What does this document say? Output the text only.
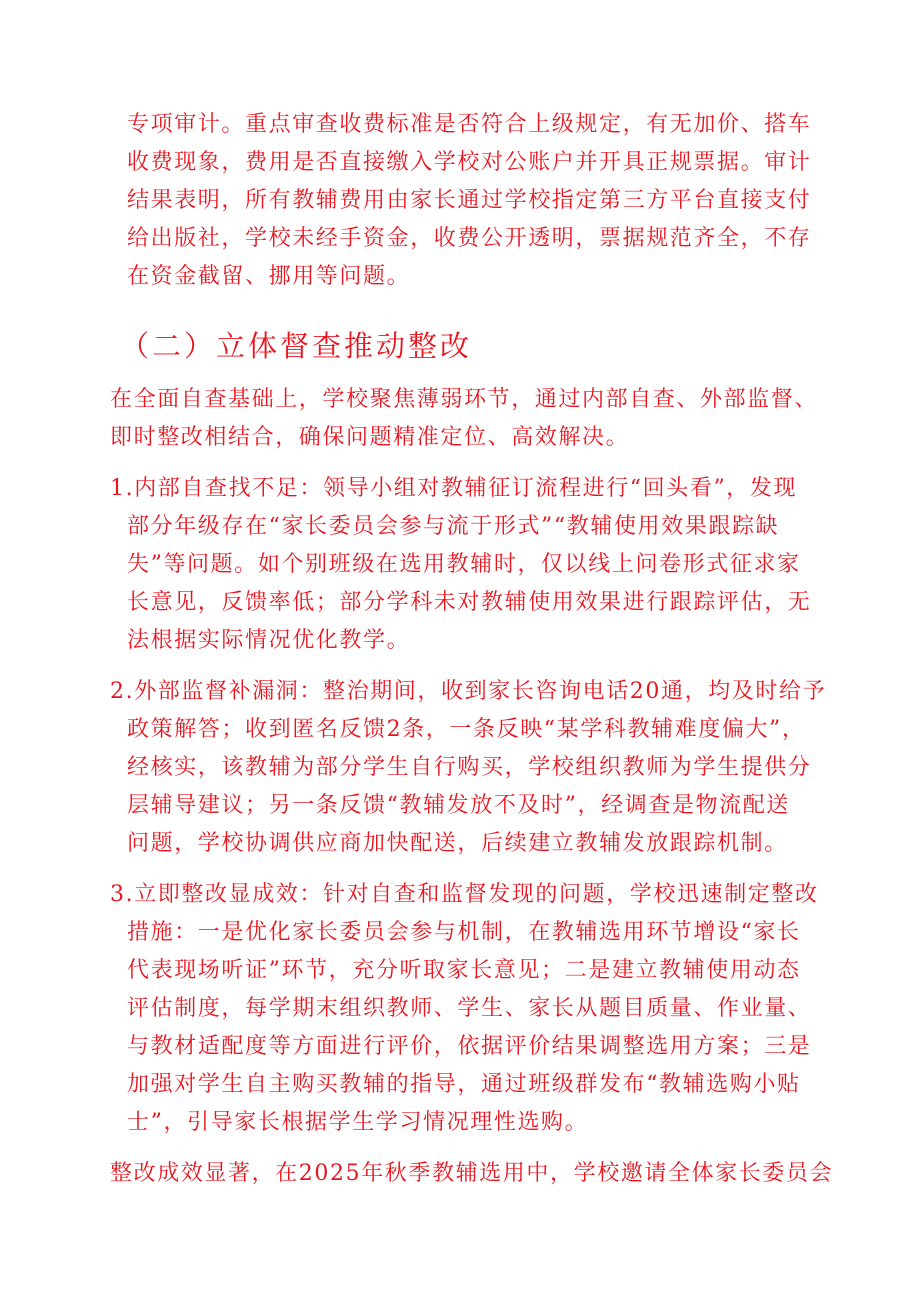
专项审计。重点审查收费标准是否符合上级规定，有无加价、搭车
收费现象，费用是否直接缴入学校对公账户并开具正规票据。审计
结果表明，所有教辅费用由家长通过学校指定第三方平台直接支付
给出版社，学校未经手资金，收费公开透明，票据规范齐全，不存
在资金截留、挪用等问题。
（二）立体督查推动整改
在全面自查基础上，学校聚焦薄弱环节，通过内部自查、外部监督、
即时整改相结合，确保问题精准定位、高效解决。
1.内部自查找不足：领导小组对教辅征订流程进行“回头看”，发现
部分年级存在“家长委员会参与流于形式”“教辅使用效果跟踪缺
失”等问题。如个别班级在选用教辅时，仅以线上问卷形式征求家
长意见，反馈率低；部分学科未对教辅使用效果进行跟踪评估，无
法根据实际情况优化教学。
2.外部监督补漏洞：整治期间，收到家长咨询电话20通，均及时给予
政策解答；收到匿名反馈2条，一条反映“某学科教辅难度偏大”，
经核实，该教辅为部分学生自行购买，学校组织教师为学生提供分
层辅导建议；另一条反馈“教辅发放不及时”，经调查是物流配送
问题，学校协调供应商加快配送，后续建立教辅发放跟踪机制。
3.立即整改显成效：针对自查和监督发现的问题，学校迅速制定整改
措施：一是优化家长委员会参与机制，在教辅选用环节增设“家长
代表现场听证”环节，充分听取家长意见；二是建立教辅使用动态
评估制度，每学期末组织教师、学生、家长从题目质量、作业量、
与教材适配度等方面进行评价，依据评价结果调整选用方案；三是
加强对学生自主购买教辅的指导，通过班级群发布“教辅选购小贴
士”，引导家长根据学生学习情况理性选购。
整改成效显著，在2025年秋季教辅选用中，学校邀请全体家长委员会
